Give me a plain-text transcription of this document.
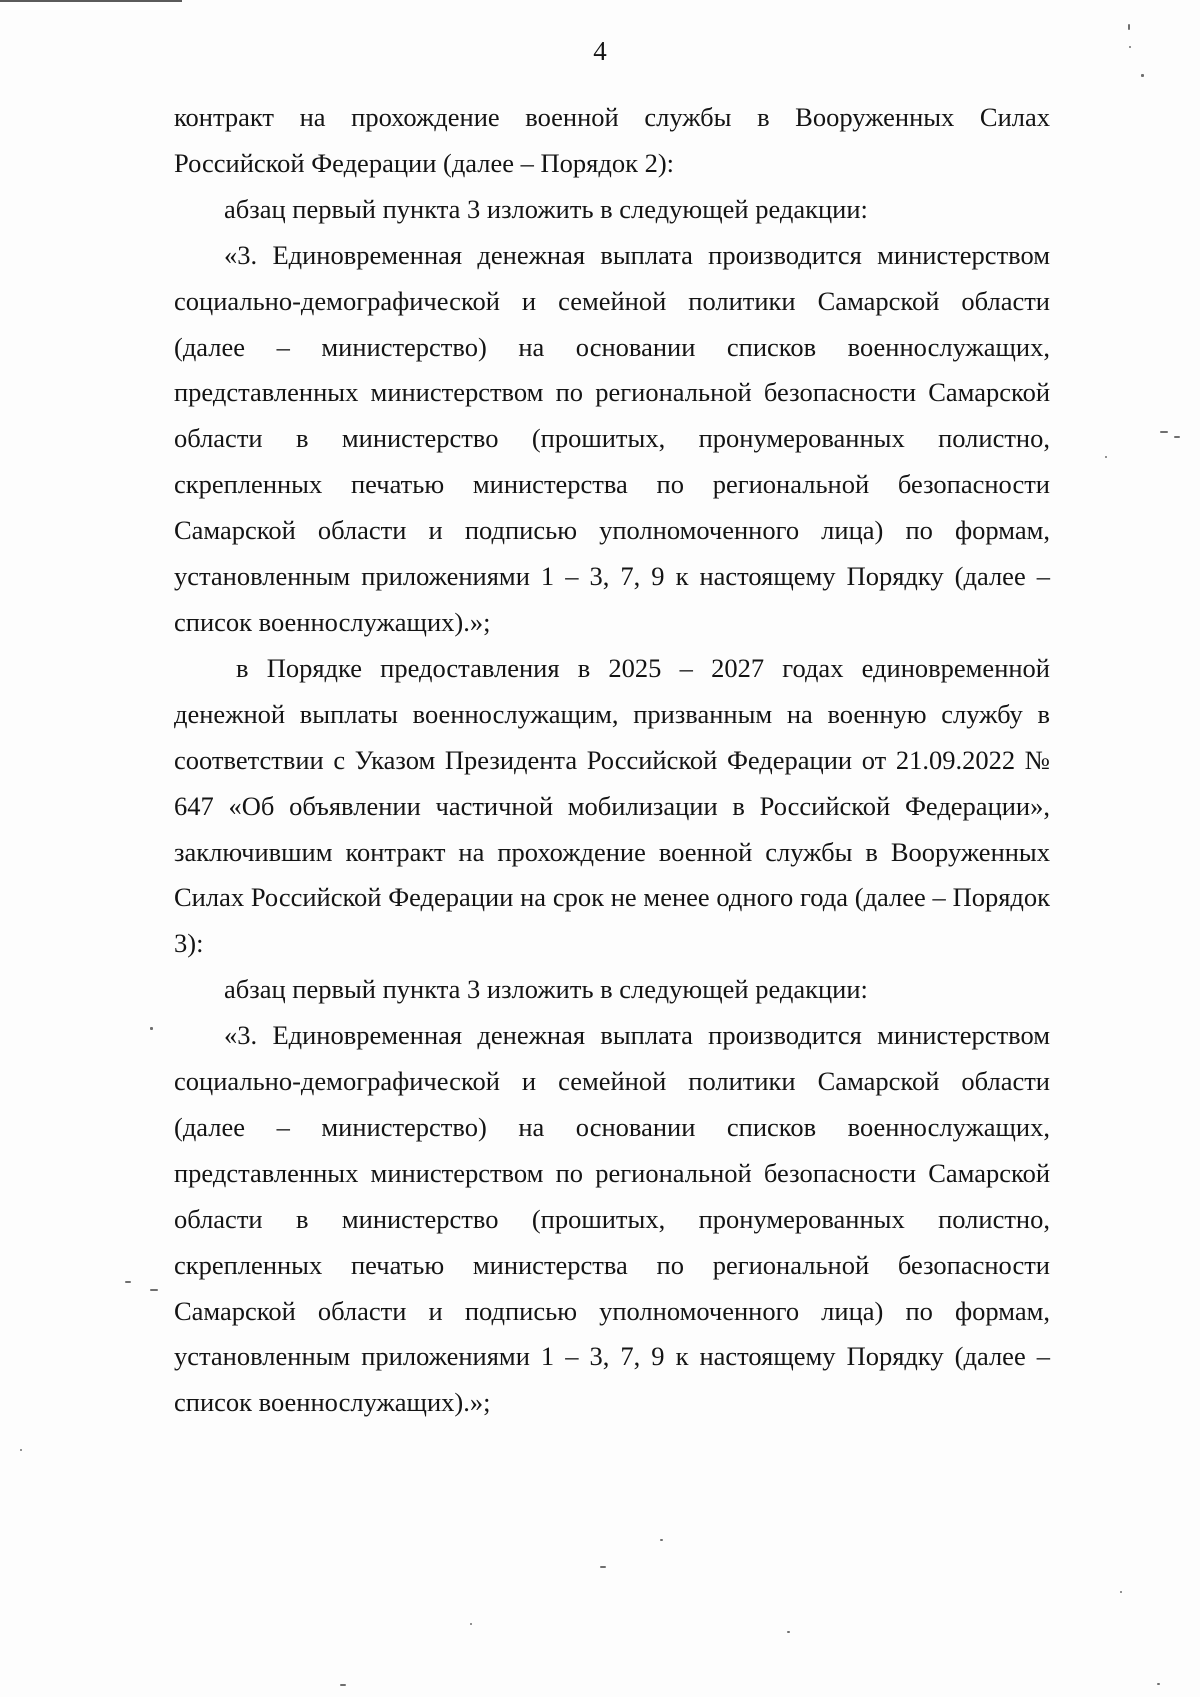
4

контракт на прохождение военной службы в Вооруженных Силах Российской Федерации (далее – Порядок 2):

абзац первый пункта 3 изложить в следующей редакции:

«3. Единовременная денежная выплата производится министерством социально-демографической и семейной политики Самарской области (далее – министерство) на основании списков военнослужащих, представленных министерством по региональной безопасности Самарской области в министерство (прошитых, пронумерованных полистно, скрепленных печатью министерства по региональной безопасности Самарской области и подписью уполномоченного лица) по формам, установленным приложениями 1 – 3, 7, 9 к настоящему Порядку (далее – список военнослужащих).»;

в Порядке предоставления в 2025 – 2027 годах единовременной денежной выплаты военнослужащим, призванным на военную службу в соответствии с Указом Президента Российской Федерации от 21.09.2022 № 647 «Об объявлении частичной мобилизации в Российской Федерации», заключившим контракт на прохождение военной службы в Вооруженных Силах Российской Федерации на срок не менее одного года (далее – Порядок 3):

абзац первый пункта 3 изложить в следующей редакции:

«3. Единовременная денежная выплата производится министерством социально-демографической и семейной политики Самарской области (далее – министерство) на основании списков военнослужащих, представленных министерством по региональной безопасности Самарской области в министерство (прошитых, пронумерованных полистно, скрепленных печатью министерства по региональной безопасности Самарской области и подписью уполномоченного лица) по формам, установленным приложениями 1 – 3, 7, 9 к настоящему Порядку (далее – список военнослужащих).»;
